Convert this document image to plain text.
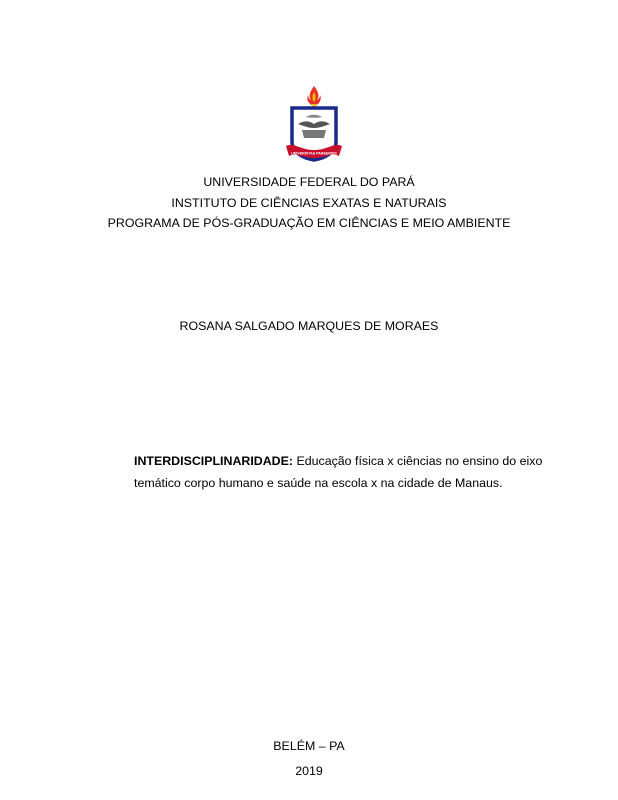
UNIVERSITAS PARAENSIS
UNIVERSIDADE FEDERAL DO PARÁ
INSTITUTO DE CIÊNCIAS EXATAS E NATURAIS
PROGRAMA DE PÓS-GRADUAÇÃO EM CIÊNCIAS E MEIO AMBIENTE
ROSANA SALGADO MARQUES DE MORAES
INTERDISCIPLINARIDADE: Educação física x ciências no ensino do eixo
temático corpo humano e saúde na escola x na cidade de Manaus.
BELÉM – PA
2019
